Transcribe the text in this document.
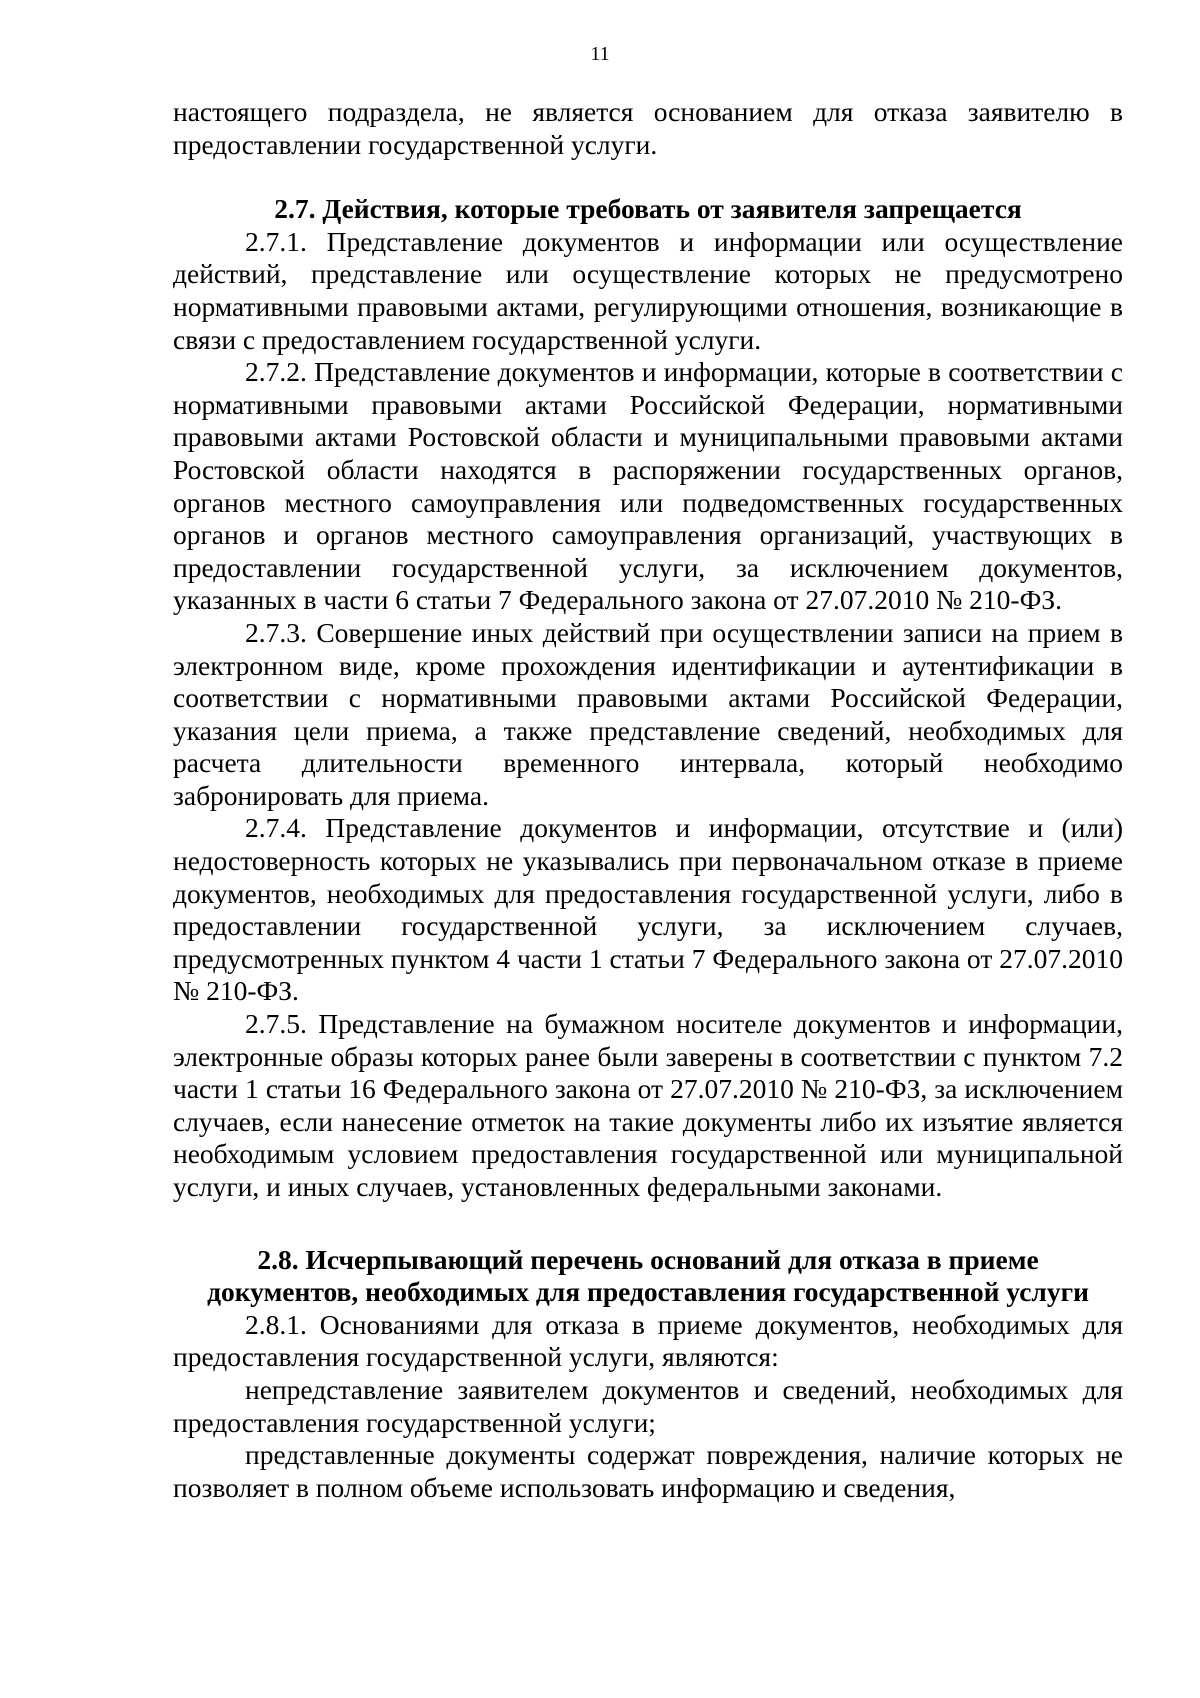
11

настоящего подраздела, не является основанием для отказа заявителю в предоставлении государственной услуги.

2.7. Действия, которые требовать от заявителя запрещается

2.7.1. Представление документов и информации или осуществление действий, представление или осуществление которых не предусмотрено нормативными правовыми актами, регулирующими отношения, возникающие в связи с предоставлением государственной услуги.

2.7.2. Представление документов и информации, которые в соответствии с нормативными правовыми актами Российской Федерации, нормативными правовыми актами Ростовской области и муниципальными правовыми актами Ростовской области находятся в распоряжении государственных органов, органов местного самоуправления или подведомственных государственных органов и органов местного самоуправления организаций, участвующих в предоставлении государственной услуги, за исключением документов, указанных в части 6 статьи 7 Федерального закона от 27.07.2010 № 210-ФЗ.

2.7.3. Совершение иных действий при осуществлении записи на прием в электронном виде, кроме прохождения идентификации и аутентификации в соответствии с нормативными правовыми актами Российской Федерации, указания цели приема, а также представление сведений, необходимых для расчета длительности временного интервала, который необходимо забронировать для приема.

2.7.4. Представление документов и информации, отсутствие и (или) недостоверность которых не указывались при первоначальном отказе в приеме документов, необходимых для предоставления государственной услуги, либо в предоставлении государственной услуги, за исключением случаев, предусмотренных пунктом 4 части 1 статьи 7 Федерального закона от 27.07.2010 № 210-ФЗ.

2.7.5. Представление на бумажном носителе документов и информации, электронные образы которых ранее были заверены в соответствии с пунктом 7.2 части 1 статьи 16 Федерального закона от 27.07.2010 № 210-ФЗ, за исключением случаев, если нанесение отметок на такие документы либо их изъятие является необходимым условием предоставления государственной или муниципальной услуги, и иных случаев, установленных федеральными законами.

2.8. Исчерпывающий перечень оснований для отказа в приеме
документов, необходимых для предоставления государственной услуги

2.8.1. Основаниями для отказа в приеме документов, необходимых для предоставления государственной услуги, являются:

непредставление заявителем документов и сведений, необходимых для предоставления государственной услуги;

представленные документы содержат повреждения, наличие которых не позволяет в полном объеме использовать информацию и сведения,
